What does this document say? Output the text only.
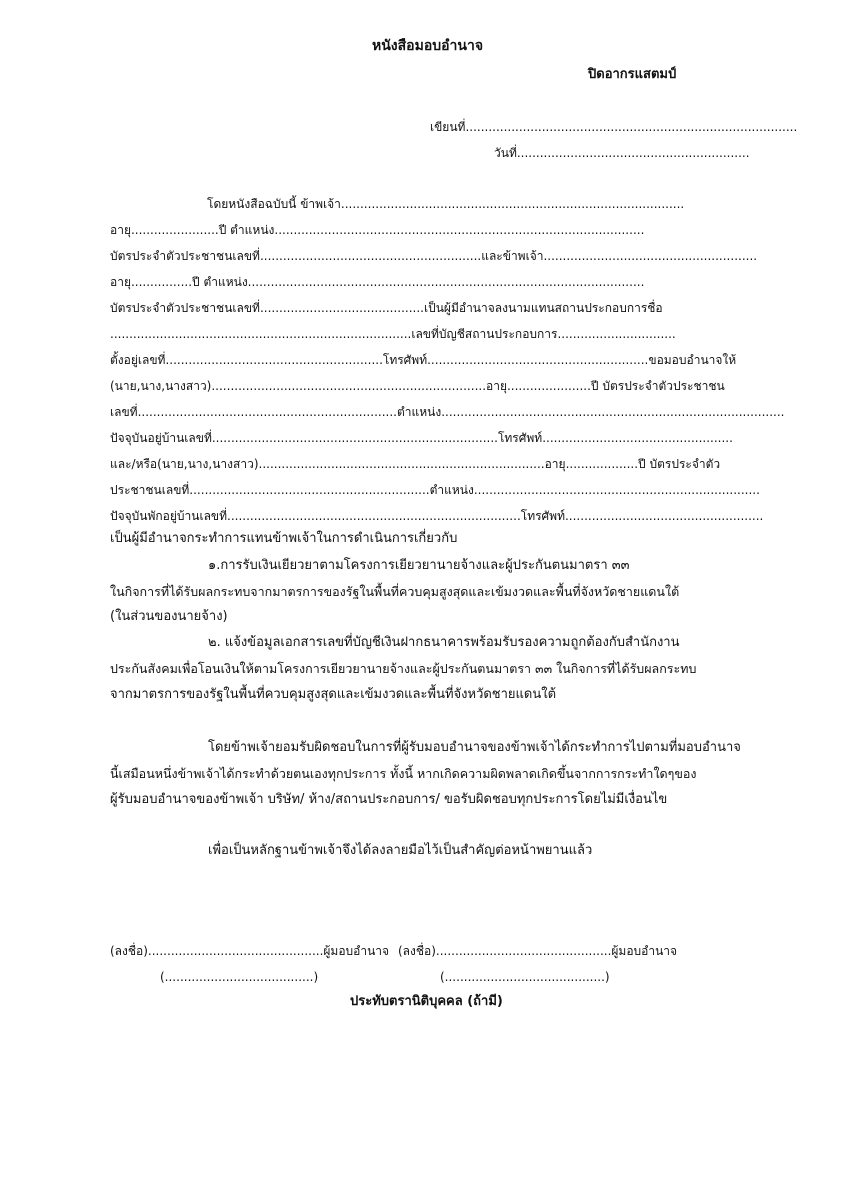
หนังสือมอบอำนาจ
ปิดอากรแสตมป์
เขียนที่.......................................................................................
วันที่.............................................................
โดยหนังสือฉบับนี้ ข้าพเจ้า..........................................................................................
อายุ.......................ปี ตำแหน่ง.................................................................................................
บัตรประจำตัวประชาชนเลขที่..........................................................และข้าพเจ้า........................................................
อายุ................ปี ตำแหน่ง........................................................................................................
บัตรประจำตัวประชาชนเลขที่...........................................เป็นผู้มีอำนาจลงนามแทนสถานประกอบการชื่อ
...............................................................................เลขที่บัญชีสถานประกอบการ...............................
ตั้งอยู่เลขที่.........................................................โทรศัพท์..........................................................ขอมอบอำนาจให้
(นาย,นาง,นางสาว)........................................................................อายุ......................ปี บัตรประจำตัวประชาชน
เลขที่....................................................................ตำแหน่ง..........................................................................................
ปัจจุบันอยู่บ้านเลขที่...........................................................................โทรศัพท์..................................................
และ/หรือ(นาย,นาง,นางสาว)...........................................................................อายุ...................ปี บัตรประจำตัว
ประชาชนเลขที่...............................................................ตำแหน่ง...........................................................................
ปัจจุบันพักอยู่บ้านเลขที่.............................................................................โทรศัพท์....................................................
เป็นผู้มีอำนาจกระทำการแทนข้าพเจ้าในการดำเนินการเกี่ยวกับ
๑.การรับเงินเยียวยาตามโครงการเยียวยานายจ้างและผู้ประกันตนมาตรา ๓๓
ในกิจการที่ได้รับผลกระทบจากมาตรการของรัฐในพื้นที่ควบคุมสูงสุดและเข้มงวดและพื้นที่จังหวัดชายแดนใต้
(ในส่วนของนายจ้าง)
๒. แจ้งข้อมูลเอกสารเลขที่บัญชีเงินฝากธนาคารพร้อมรับรองความถูกต้องกับสำนักงาน
ประกันสังคมเพื่อโอนเงินให้ตามโครงการเยียวยานายจ้างและผู้ประกันตนมาตรา ๓๓ ในกิจการที่ได้รับผลกระทบ
จากมาตรการของรัฐในพื้นที่ควบคุมสูงสุดและเข้มงวดและพื้นที่จังหวัดชายแดนใต้
โดยข้าพเจ้ายอมรับผิดชอบในการที่ผู้รับมอบอำนาจของข้าพเจ้าได้กระทำการไปตามที่มอบอำนาจ
นี้เสมือนหนึ่งข้าพเจ้าได้กระทำด้วยตนเองทุกประการ ทั้งนี้ หากเกิดความผิดพลาดเกิดขึ้นจากการกระทำใดๆของ
ผู้รับมอบอำนาจของข้าพเจ้า บริษัท/ ห้าง/สถานประกอบการ/ ขอรับผิดชอบทุกประการโดยไม่มีเงื่อนไข
เพื่อเป็นหลักฐานข้าพเจ้าจึงได้ลงลายมือไว้เป็นสำคัญต่อหน้าพยานแล้ว
(ลงชื่อ)..............................................ผู้มอบอำนาจ (ลงชื่อ)..............................................ผู้มอบอำนาจ
(.......................................)	(..........................................)
ประทับตรานิติบุคคล (ถ้ามี)
